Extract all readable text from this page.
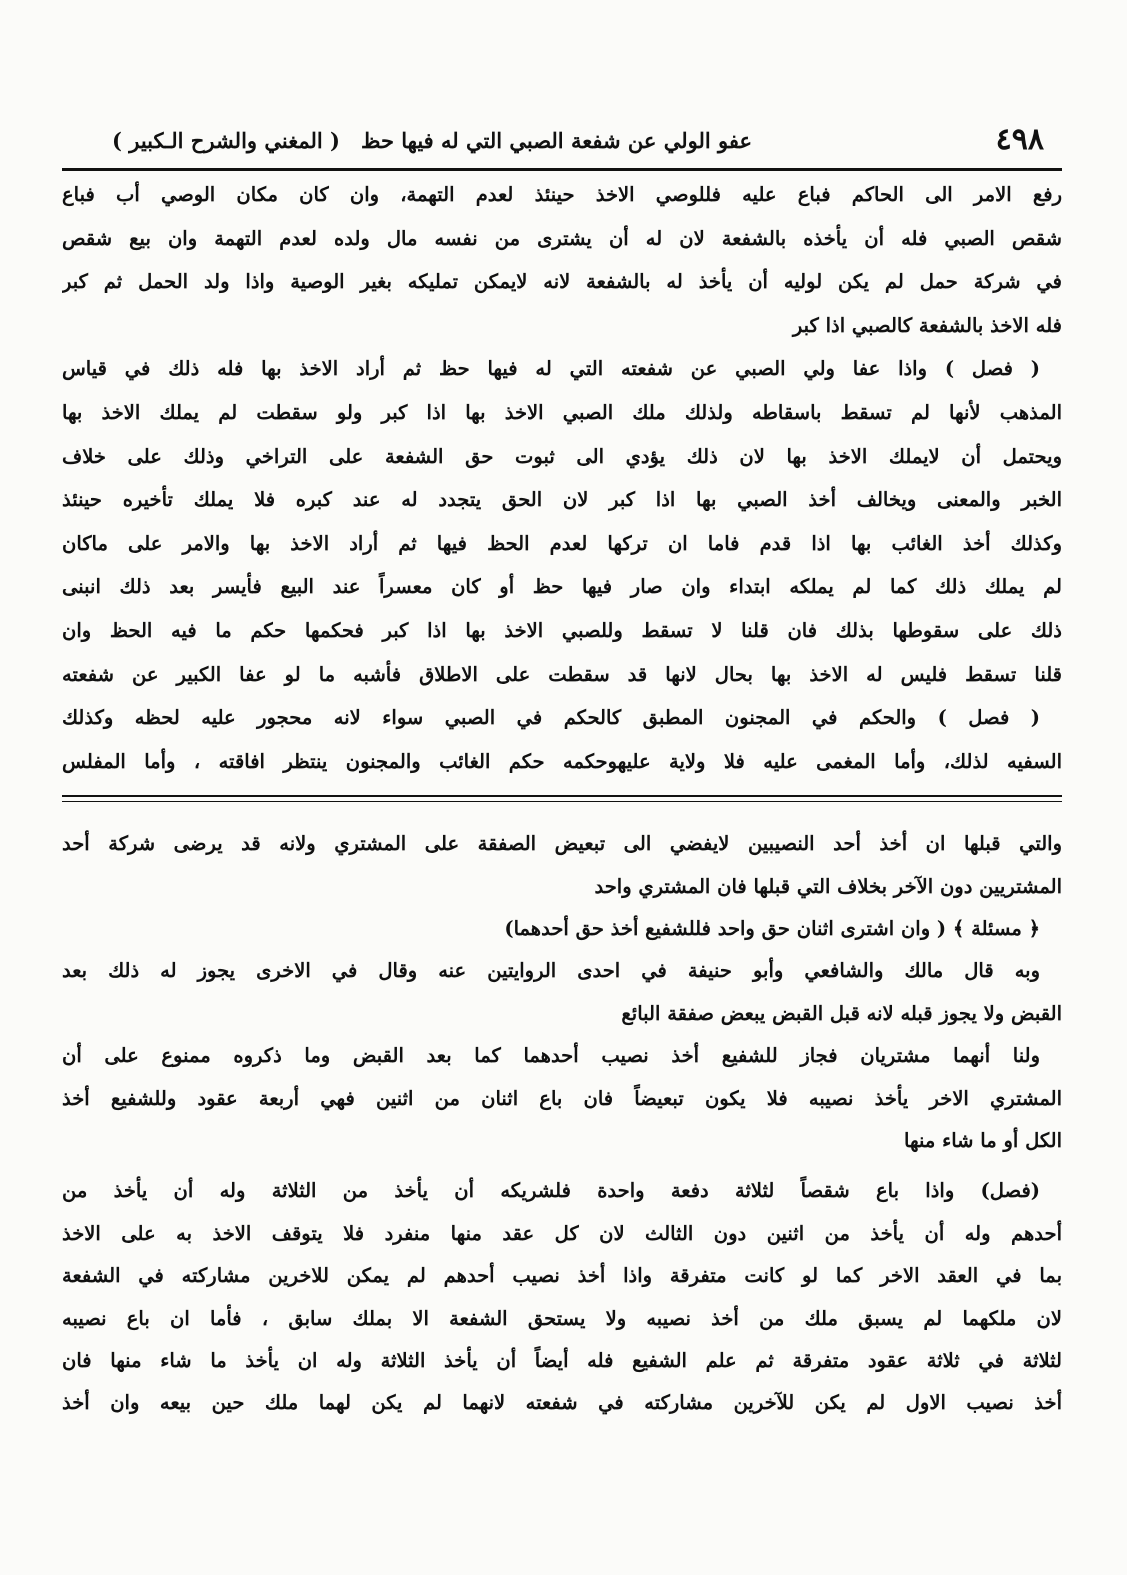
٤٩٨
عفو الولي عن شفعة الصبي التي له فيها حظ
( المغني والشرح الـكبير )
رفع الامر الى الحاكم فباع عليه فللوصي الاخذ حينئذ لعدم التهمة، وان كان مكان الوصي أب فباع
شقص الصبي فله أن يأخذه بالشفعة لان له أن يشترى من نفسه مال ولده لعدم التهمة وان بيع شقص
في شركة حمل لم يكن لوليه أن يأخذ له بالشفعة لانه لايمكن تمليكه بغير الوصية واذا ولد الحمل ثم كبر
فله الاخذ بالشفعة كالصبي اذا كبر
( فصل ) واذا عفا ولي الصبي عن شفعته التي له فيها حظ ثم أراد الاخذ بها فله ذلك في قياس
المذهب لأنها لم تسقط باسقاطه ولذلك ملك الصبي الاخذ بها اذا كبر ولو سقطت لم يملك الاخذ بها
ويحتمل أن لايملك الاخذ بها لان ذلك يؤدي الى ثبوت حق الشفعة على التراخي وذلك على خلاف
الخبر والمعنى ويخالف أخذ الصبي بها اذا كبر لان الحق يتجدد له عند كبره فلا يملك تأخيره حينئذ
وكذلك أخذ الغائب بها اذا قدم فاما ان تركها لعدم الحظ فيها ثم أراد الاخذ بها والامر على ماكان
لم يملك ذلك كما لم يملكه ابتداء وان صار فيها حظ أو كان معسراً عند البيع فأيسر بعد ذلك انبنى
ذلك على سقوطها بذلك فان قلنا لا تسقط وللصبي الاخذ بها اذا كبر فحكمها حكم ما فيه الحظ وان
قلنا تسقط فليس له الاخذ بها بحال لانها قد سقطت على الاطلاق فأشبه ما لو عفا الكبير عن شفعته
( فصل ) والحكم في المجنون المطبق كالحكم في الصبي سواء لانه محجور عليه لحظه وكذلك
السفيه لذلك، وأما المغمى عليه فلا ولاية عليهوحكمه حكم الغائب والمجنون ينتظر افاقته ، وأما المفلس
والتي قبلها ان أخذ أحد النصيبين لايفضي الى تبعيض الصفقة على المشتري ولانه قد يرضى شركة أحد
المشتريين دون الآخر بخلاف التي قبلها فان المشتري واحد
﴿ مسئلة ﴾ ( وان اشترى اثنان حق واحد فللشفيع أخذ حق أحدهما)
وبه قال مالك والشافعي وأبو حنيفة في احدى الروايتين عنه وقال في الاخرى يجوز له ذلك بعد
القبض ولا يجوز قبله لانه قبل القبض يبعض صفقة البائع
ولنا أنهما مشتريان فجاز للشفيع أخذ نصيب أحدهما كما بعد القبض وما ذكروه ممنوع على أن
المشتري الاخر يأخذ نصيبه فلا يكون تبعيضاً فان باع اثنان من اثنين فهي أربعة عقود وللشفيع أخذ
الكل أو ما شاء منها
(فصل) واذا باع شقصاً لثلاثة دفعة واحدة فلشريكه أن يأخذ من الثلاثة وله أن يأخذ من
أحدهم وله أن يأخذ من اثنين دون الثالث لان كل عقد منها منفرد فلا يتوقف الاخذ به على الاخذ
بما في العقد الاخر كما لو كانت متفرقة واذا أخذ نصيب أحدهم لم يمكن للاخرين مشاركته في الشفعة
لان ملكهما لم يسبق ملك من أخذ نصيبه ولا يستحق الشفعة الا بملك سابق ، فأما ان باع نصيبه
لثلاثة في ثلاثة عقود متفرقة ثم علم الشفيع فله أيضاً أن يأخذ الثلاثة وله ان يأخذ ما شاء منها فان
أخذ نصيب الاول لم يكن للآخرين مشاركته في شفعته لانهما لم يكن لهما ملك حين بيعه وان أخذ
